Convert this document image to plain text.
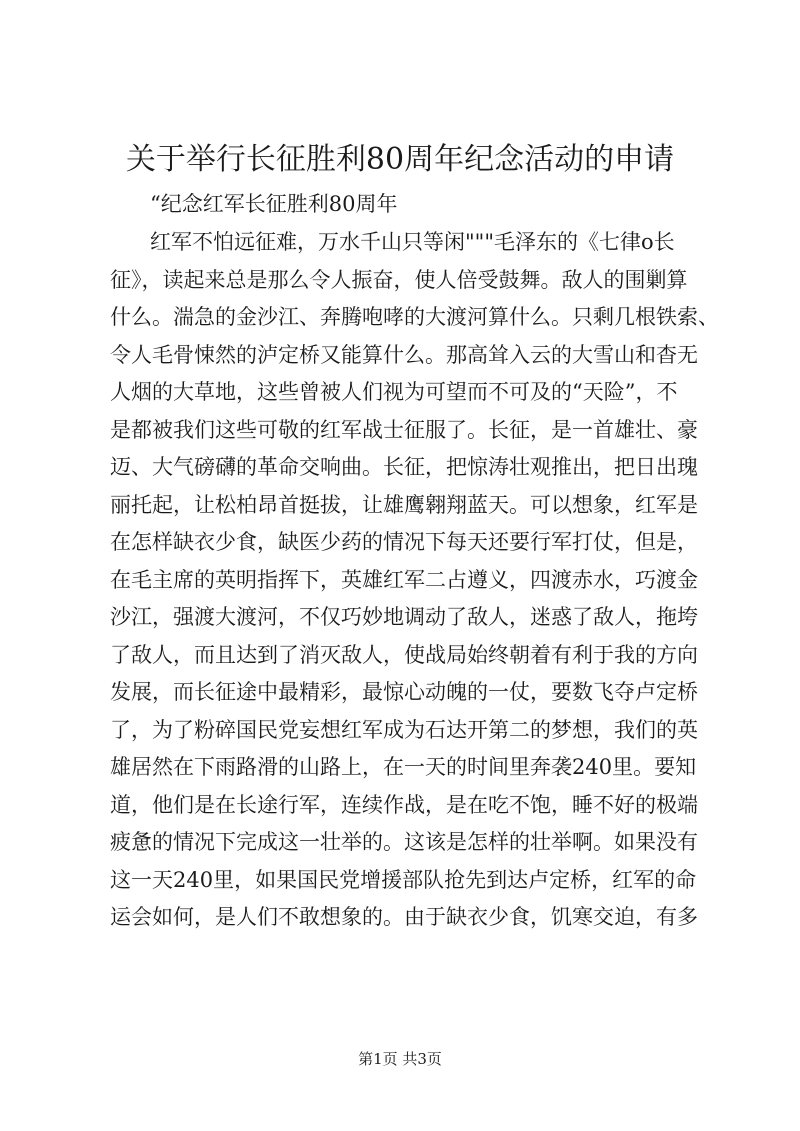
关于举行长征胜利80周年纪念活动的申请
“纪念红军长征胜利80周年
红军不怕远征难，万水千山只等闲"""毛泽东的《七律ο长
征》，读起来总是那么令人振奋，使人倍受鼓舞。敌人的围剿算
什么。湍急的金沙江、奔腾咆哮的大渡河算什么。只剩几根铁索、
令人毛骨悚然的泸定桥又能算什么。那高耸入云的大雪山和杳无
人烟的大草地，这些曾被人们视为可望而不可及的“天险”，不
是都被我们这些可敬的红军战士征服了。长征，是一首雄壮、豪
迈、大气磅礴的革命交响曲。长征，把惊涛壮观推出，把日出瑰
丽托起，让松柏昂首挺拔，让雄鹰翱翔蓝天。可以想象，红军是
在怎样缺衣少食，缺医少药的情况下每天还要行军打仗，但是，
在毛主席的英明指挥下，英雄红军二占遵义，四渡赤水，巧渡金
沙江，强渡大渡河，不仅巧妙地调动了敌人，迷惑了敌人，拖垮
了敌人，而且达到了消灭敌人，使战局始终朝着有利于我的方向
发展，而长征途中最精彩，最惊心动魄的一仗，要数飞夺卢定桥
了，为了粉碎国民党妄想红军成为石达开第二的梦想，我们的英
雄居然在下雨路滑的山路上，在一天的时间里奔袭240里。要知
道，他们是在长途行军，连续作战，是在吃不饱，睡不好的极端
疲惫的情况下完成这一壮举的。这该是怎样的壮举啊。如果没有
这一天240里，如果国民党增援部队抢先到达卢定桥，红军的命
运会如何，是人们不敢想象的。由于缺衣少食，饥寒交迫，有多
第1页 共3页
